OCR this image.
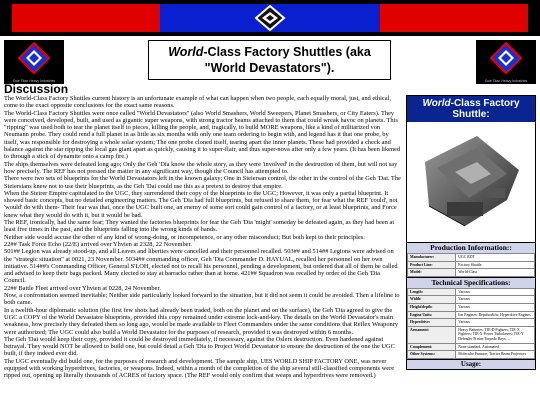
Sole Titan Heavy Industries	Sole Titan Heavy Industries
World-Class Factory Shuttles (aka "World Devastators").
Discussion
World-Class Factory Shuttle:
Production Information::
Manufacturer:	UGC RDT
Product Line:	Factory Shuttle
Model:	World-Class
Technical Specifications:
Length:	Various
Width:	Various
Height/depth:	Various
Engine Units:	Ion Engines; Repulsorlifts; Hyperdrive Engines
Hyperdrive:	Various
Armament:	Heavy Batteries; TIE-D Fighters; TIE-X Fighters; TIE-X Power Turbolasers; TIE-Y Defender Proton Torpedo Bays; ...
Complement:	None standard, Automated
Other Systems:	Molecular Furnace; Tractor Beam Projectors
Usage:

The World-Class Factory Shuttles current history is an unfortunate example of what can happen when two people, each equally moral, just, and ethical, come to the exact opposite conclusions for the exact same reasons.

The World-Class Factory Shuttles were once called "World Devastators" (also World Smashers, World Sweepers, Planet Smashers, or City Eaters). They were conceived, developed, built, and used as gigantic super weapons, with strong tractor beams attached to them that could wreak havoc on planets. This "ripping" was used both to tear the planet itself to pieces, killing the people, and, tragically, to build MORE weapons, like a kind of militarized von Neumann probe. They could rend a full planet in as little as six months with only one team ordering to begin with, and legend has it that one probe, by itself, was responsible for destroying a whole solar system; The one probe cloned itself, tearing apart the inner planets. These had provided a check and balance against the star ripping the local gas giant apart as quickly, causing it to super-flair, and thus super-nova after only a few years. (It has been likened to through a stick of dynamite onto a camp fire.)

The ships themselves were defeated long ago; Only the Geh 'Dia know the whole story, as they were 'involved' in the destruction of them, but will not say how precisely. The REF has not pressed the matter in any significant way, though the Council has attempted to.

There were two sets of blueprints for the World Devastators left in the known galaxy; One in Steiersan control, the other in the control of the Geh 'Dai. The Steiersians knew not to use their blueprints, as the Geh 'Dai could use this as a pretext to destroy that empire.

When the Steirer Empire capitulated to the UGC, they surrendered their copy of the blueprints to the UGC; However, it was only a partial blueprint. It showed basic concepts, but no detailed engineering matters. The Geh 'Dia had full blueprints, but refused to share them, for fear what the REF 'could', not 'would' do with them- Their fear was that, once the UGC built one, an enemy of some sort could gain control of a factory, or at least blueprints, and Force knew what they would do with it, but it would be bad.

The REF, ironically, had the same fear; They wanted the factories blueprints for fear the Geh 'Dia 'might' someday be defeated again, as they had been at least five times in the past, and the blueprints falling into the wrong kinds of hands.

Neither side would accuse the other of any kind of wrong-doing, or incompetence, or any other misconduct; But both kept to their principles.

22## Task Force Echo (22/E) arrived over Yhvien at 2328, 22 November.

501## Legion was already stood-up, and all Leaves and liberties were cancelled and their personnel recalled. 503## and 514## Legions were advised on the "strategic situation" at 0021, 23 November. 5034## commanding officer, Geh 'Dia Commander D. HAYUAL, recalled her personnel on her own initiative. 514##'s Commanding Officer, General S'LOH, elected not to recall his personnel, pending a development, but ordered that all of them be called and advised to keep their bags packed. Many elected to stay at barracks rather than at home. 421## Squadron was recalled by order of the Geh 'Dia Council.

22## Battle Fleet arrived over Yhvien at 0228, 24 November.

Now, a confrontation seemed inevitable; Neither side particularly looked forward to the situation, but it did not seem it could be avoided. Then a lifeline to both came.

In a twelfth-hour diplomatic solution (the first few shots had already been traded, both on the planet and on the surface), the Geh 'Dia agreed to give the UGC a COPY of the World Devastator blueprints, provided this copy remained under extreme lock-and-key. The details on the World Devastator's main weakness, how precisely they defeated them so long ago, would be made available to Fleet Commanders under the same conditions that Reflex Weaponry were authorized; The UGC could also build a World Devastator for the purposes of research, provided it was destroyed within 6 months.

The Geh 'Dai would keep their copy, provided it could be destroyed immediately, if necessary, against the Oslers destruction. Even hardened against betrayal. They would NOT be allowed to build one, but could detail a Geh 'Dia to Project World Devastator to ensure the destruction of the one the UGC built, if they indeed ever did.

The UGC eventually did build one, for the purposes of research and development. The sample ship, UES WORLD SHIP FACTORY ONE, was never equipped with working hyperdrives, factories, or weapons. Indeed, within a month of the completion of the ship several still-classified components were ripped out, opening up literally thousands of ACRES of factory space. (The REF would only confirm that weaps and hyperdrives were removed.)
